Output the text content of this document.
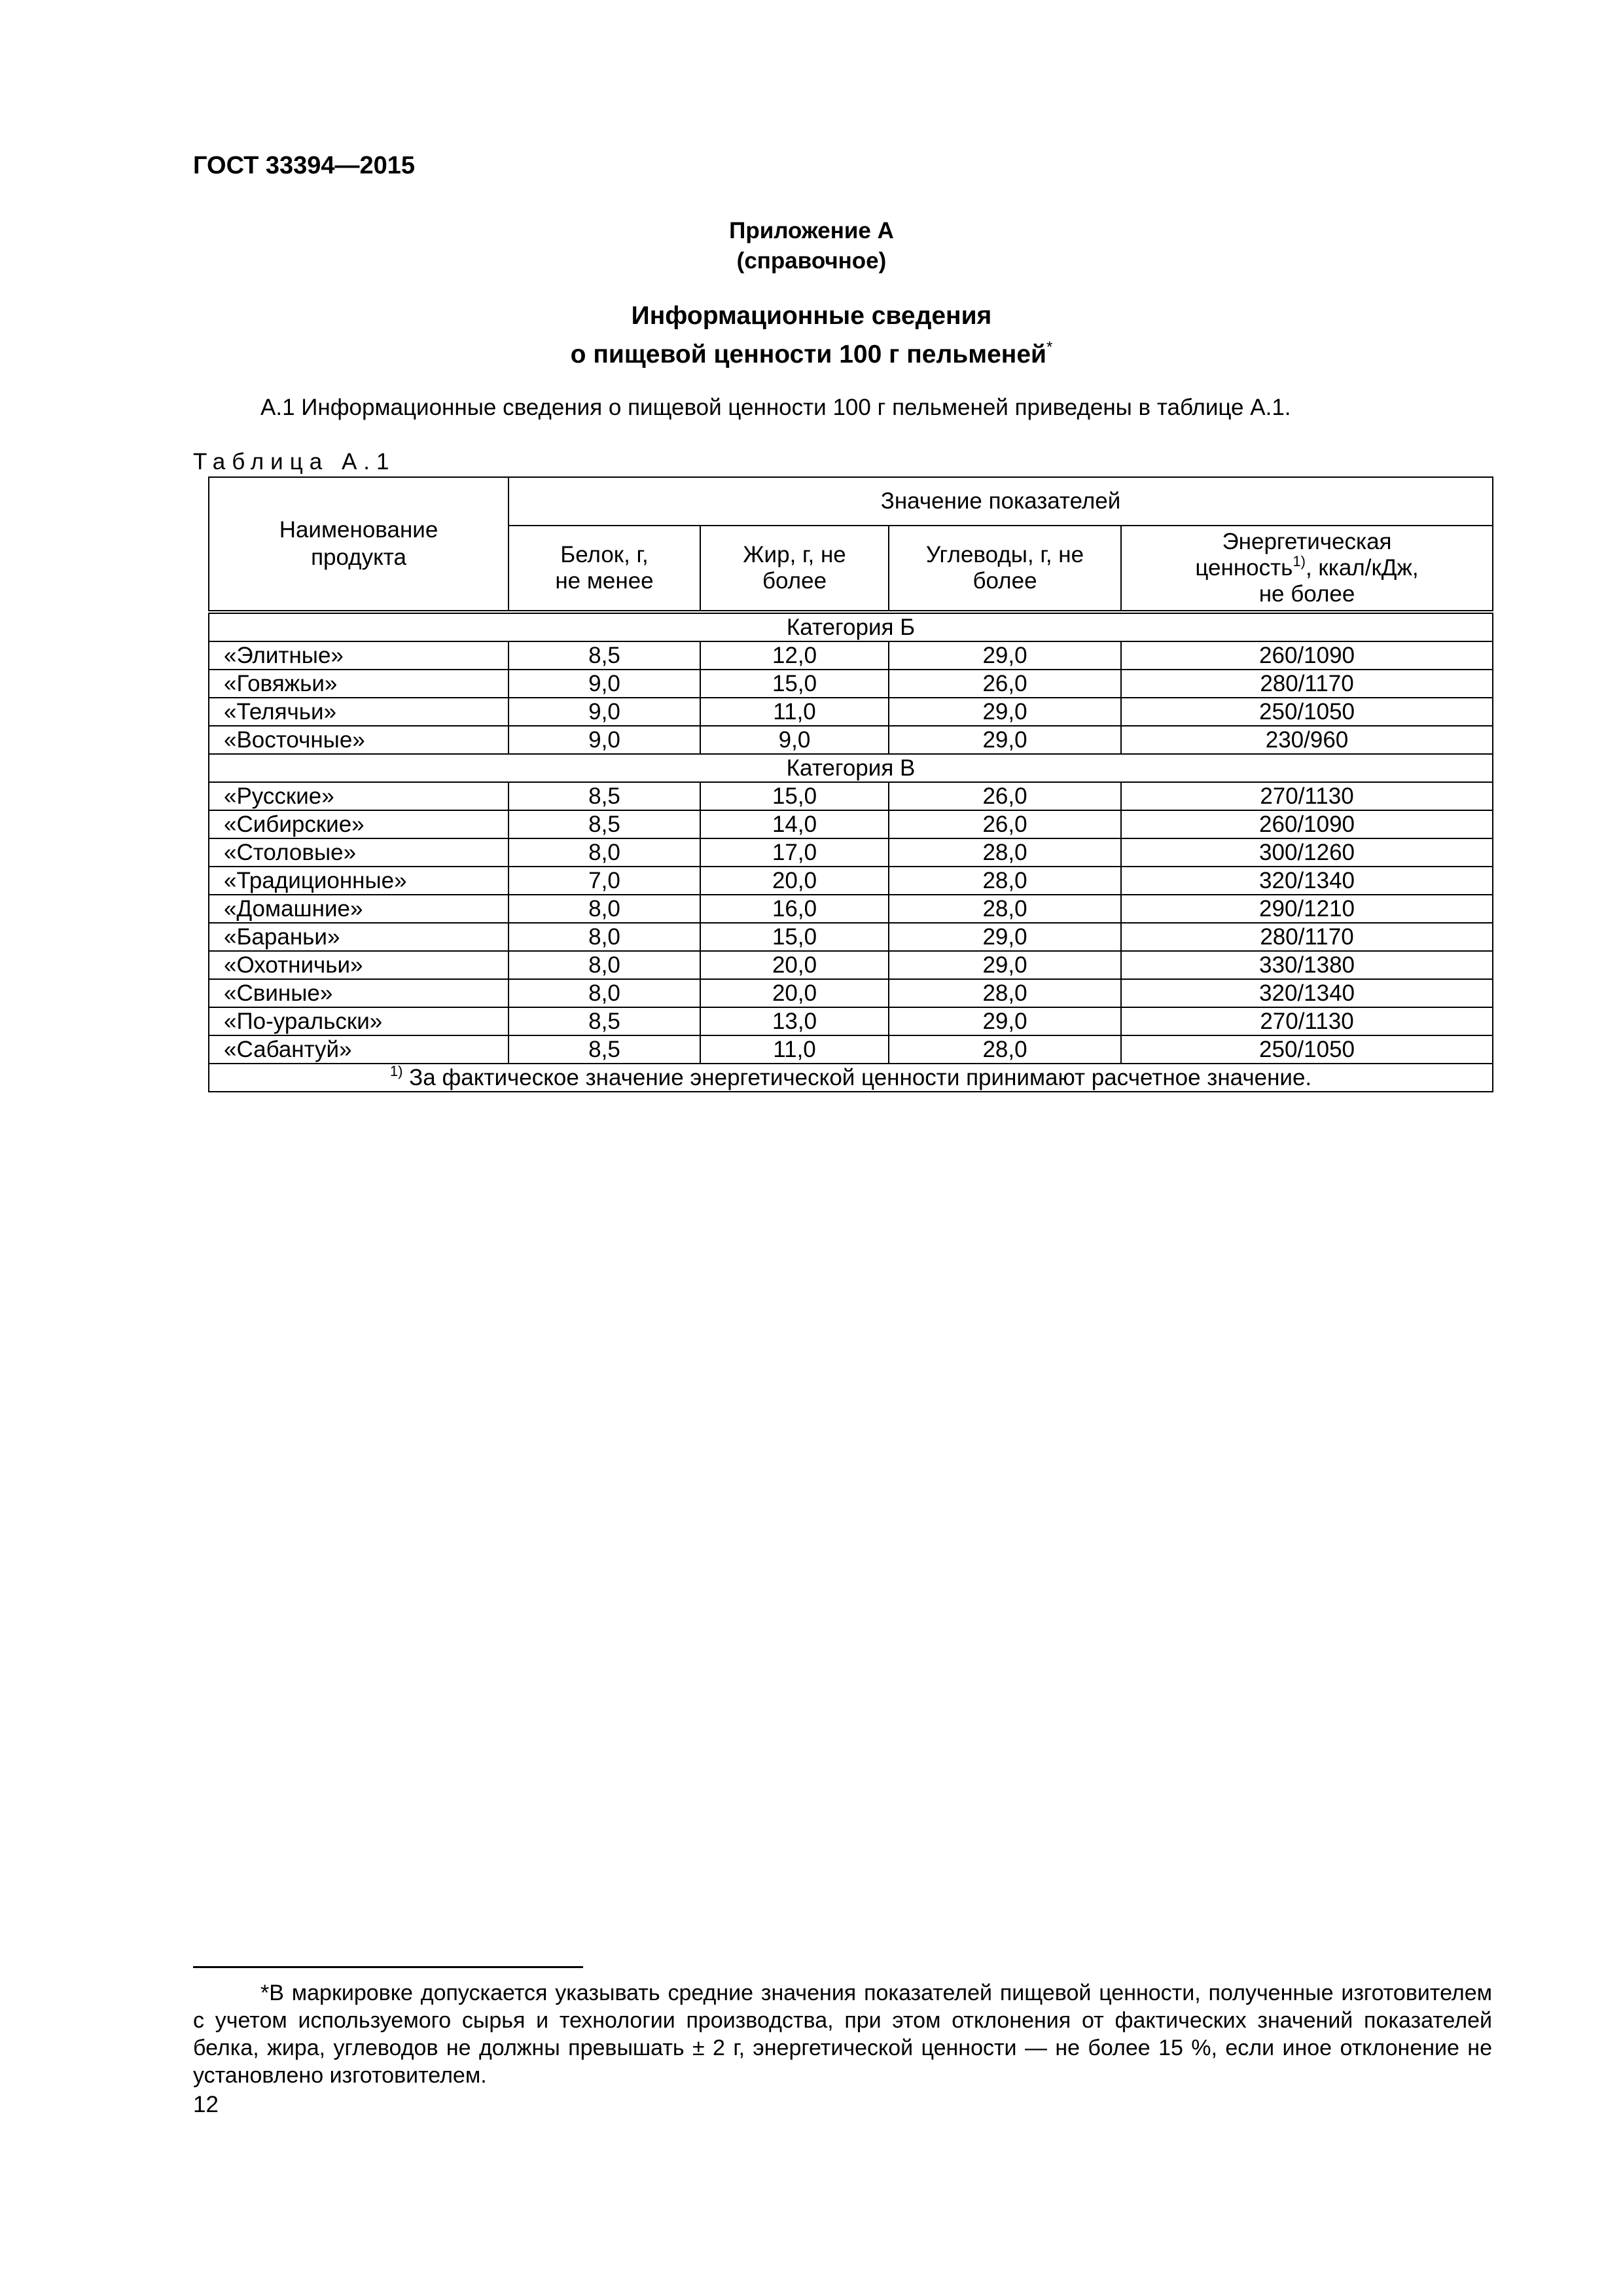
ГОСТ 33394—2015
Приложение А
(справочное)
Информационные сведения
о пищевой ценности 100 г пельменей*
А.1 Информационные сведения о пищевой ценности 100 г пельменей приведены в таблице А.1.
Таблица А.1
Наименование продукта	Значение показателей			
	Белок, г, не менее	Жир, г, не более	Углеводы, г, не более	Энергетическая ценность$^{1)}$, ккал/кДж, не более
Категория Б				
«Элитные»	8,5	12,0	29,0	260/1090
«Говяжьи»	9,0	15,0	26,0	280/1170
«Телячьи»	9,0	11,0	29,0	250/1050
«Восточные»	9,0	9,0	29,0	230/960
Категория В				
«Русские»	8,5	15,0	26,0	270/1130
«Сибирские»	8,5	14,0	26,0	260/1090
«Столовые»	8,0	17,0	28,0	300/1260
«Традиционные»	7,0	20,0	28,0	320/1340
«Домашние»	8,0	16,0	28,0	290/1210
«Бараньи»	8,0	15,0	29,0	280/1170
«Охотничьи»	8,0	20,0	29,0	330/1380
«Свиные»	8,0	20,0	28,0	320/1340
«По-уральски»	8,5	13,0	29,0	270/1130
«Сабантуй»	8,5	11,0	28,0	250/1050
$^{1)}$ За фактическое значение энергетической ценности принимают расчетное значение.				
*В маркировке допускается указывать средние значения показателей пищевой ценности, полученные изготовителем с учетом используемого сырья и технологии производства, при этом отклонения от фактических значений показателей белка, жира, углеводов не должны превышать ± 2 г, энергетической ценности — не более 15 %, если иное отклонение не установлено изготовителем.
12
